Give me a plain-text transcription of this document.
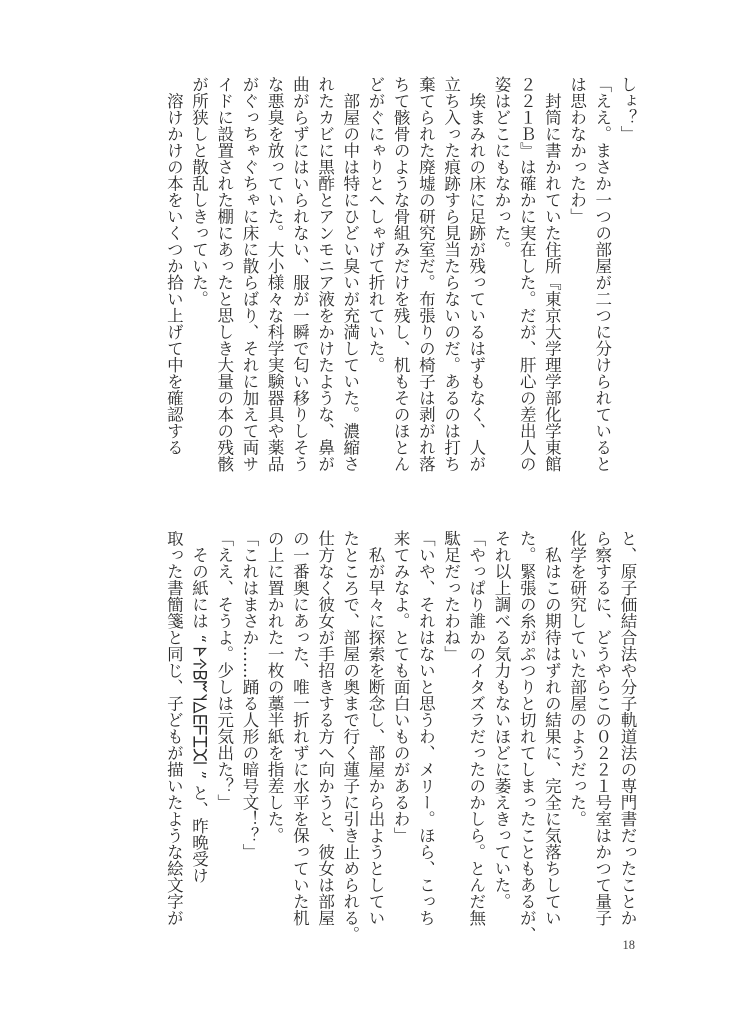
しょ？」
「ええ。まさか一つの部屋が二つに分けられていると
は思わなかったわ」
　封筒に書かれていた住所『東京大学理学部化学東館
２２１Ｂ』は確かに実在した。だが、肝心の差出人の
姿はどこにもなかった。
　埃まみれの床に足跡が残っているはずもなく、人が
立ち入った痕跡すら見当たらないのだ。あるのは打ち
棄てられた廃墟の研究室だ。布張りの椅子は剥がれ落
ちて骸骨のような骨組みだけを残し、机もそのほとん
どがぐにゃりとへしゃげて折れていた。
　部屋の中は特にひどい臭いが充満していた。濃縮さ
れたカビに黒酢とアンモニア液をかけたような、鼻が
曲がらずにはいられない、服が一瞬で匂い移りしそう
な悪臭を放っていた。大小様々な科学実験器具や薬品
がぐっちゃぐちゃに床に散らばり、それに加えて両サ
イドに設置された棚にあったと思しき大量の本の残骸
が所狭しと散乱しきっていた。
　溶けかけの本をいくつか拾い上げて中を確認する
と、原子価結合法や分子軌道法の専門書だったことか
ら察するに、どうやらこの０２２１号室はかつて量子
化学を研究していた部屋のようだった。
　私はこの期待はずれの結果に、完全に気落ちしてい
た。緊張の糸がぷつりと切れてしまったこともあるが、
それ以上調べる気力もないほどに萎えきっていた。
「やっぱり誰かのイタズラだったのかしら。とんだ無
駄足だったわね」
「いや、それはないと思うわ、メリー。ほら、こっち
来てみなよ。とても面白いものがあるわ」
　私が早々に探索を断念し、部屋から出ようとしてい
たところで、部屋の奥まで行く蓮子に引き止められる。
仕方なく彼女が手招きする方へ向かうと、彼女は部屋
の一番奥にあった、唯一折れずに水平を保っていた机
の上に置かれた一枚の藁半紙を指差した。
「これはまさか……踊る人形の暗号文！？」
「ええ、そうよ。少しは元気出た？」
　その紙には “ 𐊀𐊁𐊂𐊃𐊄𐊅𐊆𐊇𐊈𐊉𐊊 ” と、昨晩受け
取った書簡箋と同じ、子どもが描いたような絵文字が
18
